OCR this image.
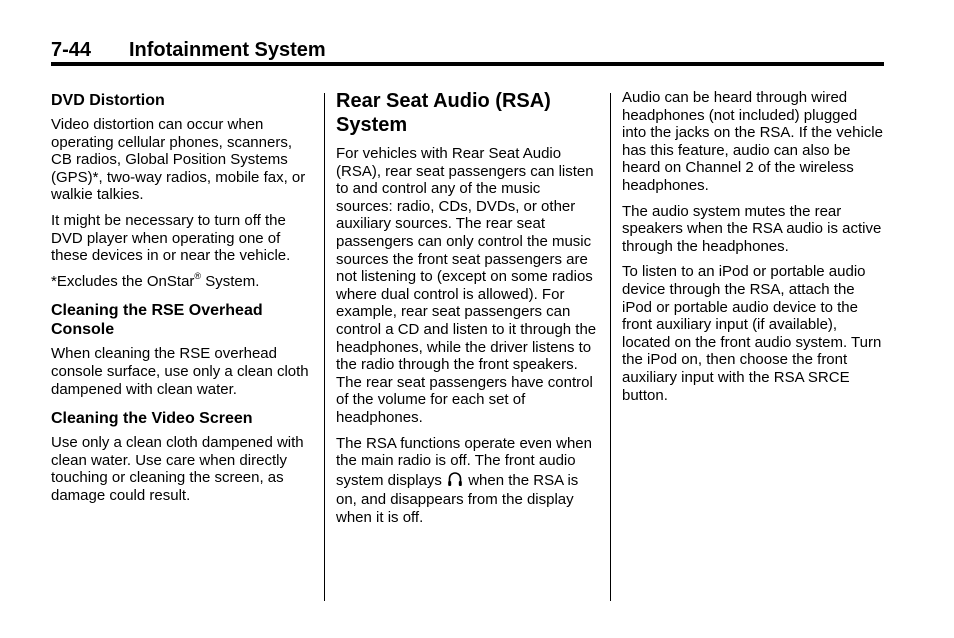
7-44 Infotainment System
DVD Distortion

Video distortion can occur when operating cellular phones, scanners, CB radios, Global Position Systems (GPS)*, two-way radios, mobile fax, or walkie talkies.

It might be necessary to turn off the DVD player when operating one of these devices in or near the vehicle.

*Excludes the OnStar® System.

Cleaning the RSE Overhead Console

When cleaning the RSE overhead console surface, use only a clean cloth dampened with clean water.

Cleaning the Video Screen

Use only a clean cloth dampened with clean water. Use care when directly touching or cleaning the screen, as damage could result.

Rear Seat Audio (RSA) System

For vehicles with Rear Seat Audio (RSA), rear seat passengers can listen to and control any of the music sources: radio, CDs, DVDs, or other auxiliary sources. The rear seat passengers can only control the music sources the front seat passengers are not listening to (except on some radios where dual control is allowed). For example, rear seat passengers can control a CD and listen to it through the headphones, while the driver listens to the radio through the front speakers. The rear seat passengers have control of the volume for each set of headphones.

The RSA functions operate even when the main radio is off. The front audio system displays when the RSA is on, and disappears from the display when it is off.

Audio can be heard through wired headphones (not included) plugged into the jacks on the RSA. If the vehicle has this feature, audio can also be heard on Channel 2 of the wireless headphones.

The audio system mutes the rear speakers when the RSA audio is active through the headphones.

To listen to an iPod or portable audio device through the RSA, attach the iPod or portable audio device to the front auxiliary input (if available), located on the front audio system. Turn the iPod on, then choose the front auxiliary input with the RSA SRCE button.
